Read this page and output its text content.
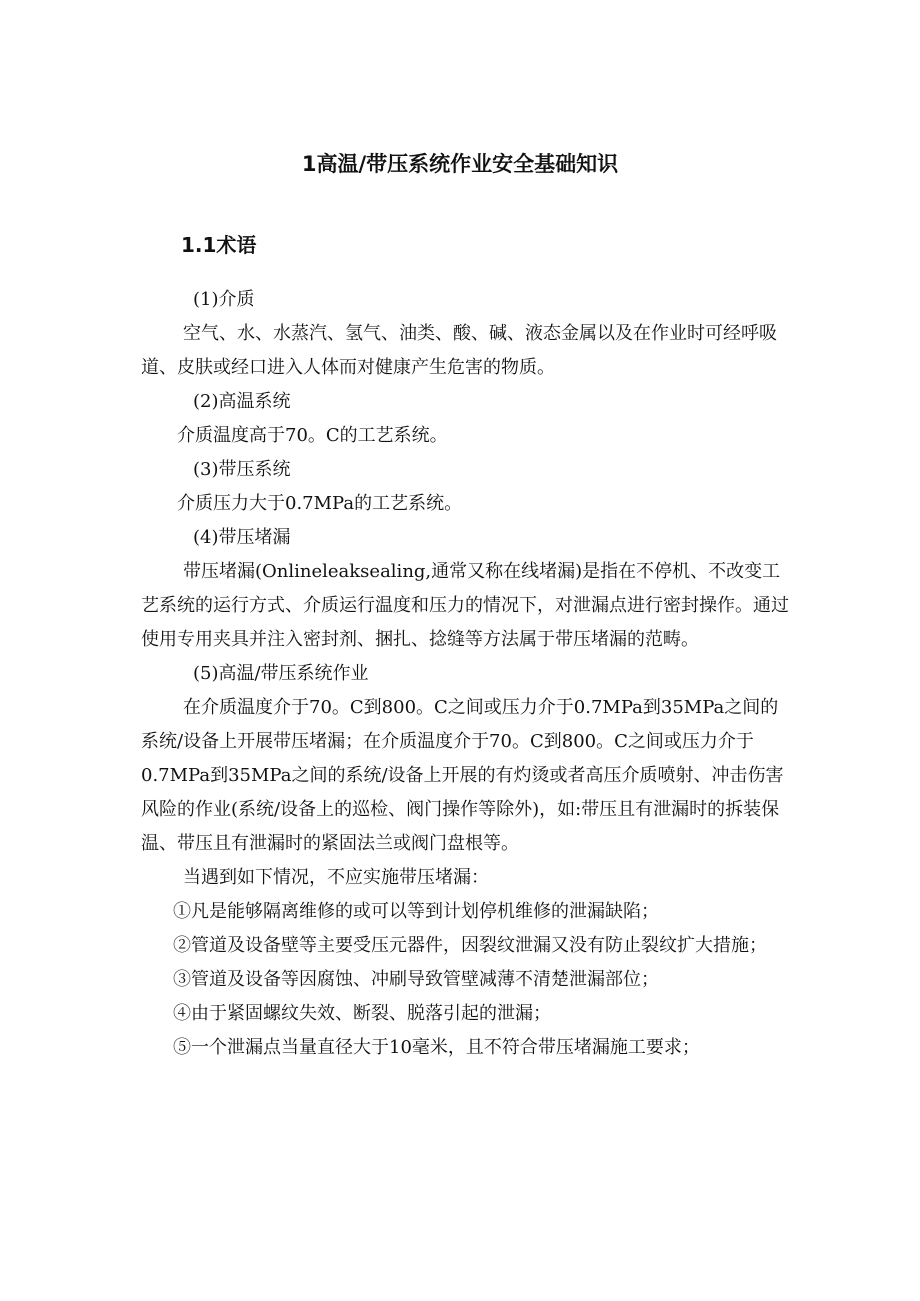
1高温/带压系统作业安全基础知识
1.1术语

(1)介质

空气、水、水蒸汽、氢气、油类、酸、碱、液态金属以及在作业时可经呼吸道、皮肤或经口进入人体而对健康产生危害的物质。

(2)高温系统

介质温度高于70。C的工艺系统。

(3)带压系统

介质压力大于0.7MPa的工艺系统。

(4)带压堵漏

带压堵漏(Onlineleaksealing,通常又称在线堵漏)是指在不停机、不改变工艺系统的运行方式、介质运行温度和压力的情况下，对泄漏点进行密封操作。通过使用专用夹具并注入密封剂、捆扎、捻缝等方法属于带压堵漏的范畴。

(5)高温/带压系统作业

在介质温度介于70。C到800。C之间或压力介于0.7MPa到35MPa之间的系统/设备上开展带压堵漏；在介质温度介于70。C到800。C之间或压力介于0.7MPa到35MPa之间的系统/设备上开展的有灼烫或者高压介质喷射、冲击伤害风险的作业(系统/设备上的巡检、阀门操作等除外)，如:带压且有泄漏时的拆装保温、带压且有泄漏时的紧固法兰或阀门盘根等。

当遇到如下情况，不应实施带压堵漏：

①凡是能够隔离维修的或可以等到计划停机维修的泄漏缺陷；

②管道及设备壁等主要受压元器件，因裂纹泄漏又没有防止裂纹扩大措施；

③管道及设备等因腐蚀、冲刷导致管壁减薄不清楚泄漏部位；

④由于紧固螺纹失效、断裂、脱落引起的泄漏；

⑤一个泄漏点当量直径大于10毫米，且不符合带压堵漏施工要求；
